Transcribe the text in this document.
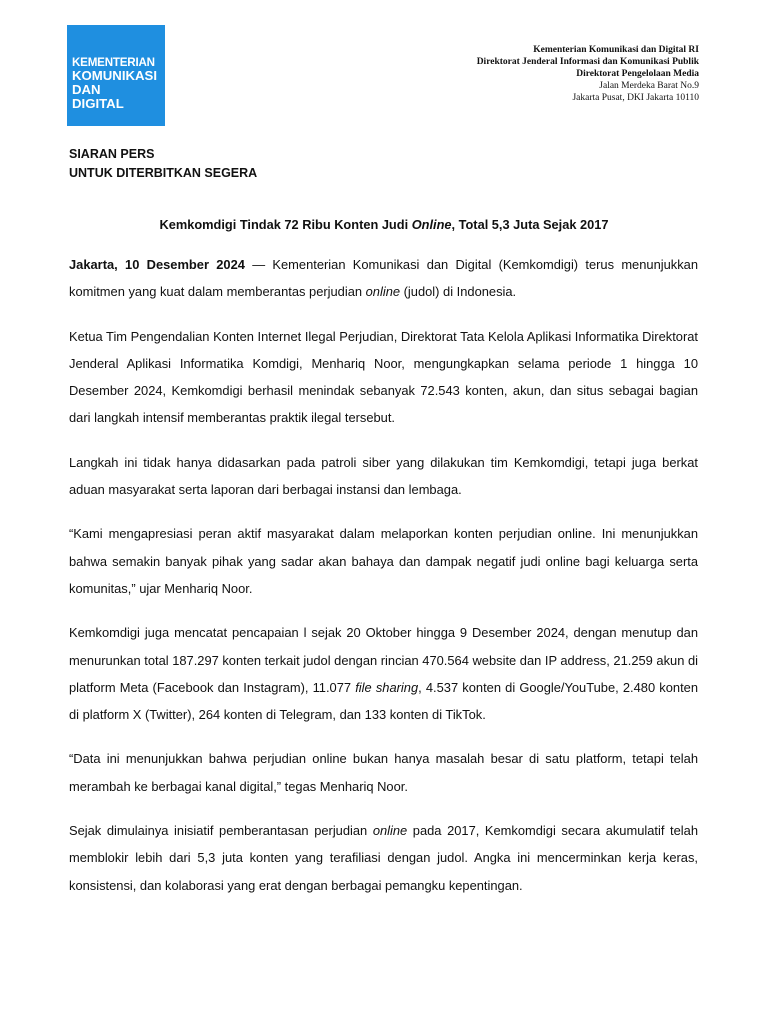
KEMENTERIAN
KOMUNIKASI
DAN
DIGITAL
Kementerian Komunikasi dan Digital RI
Direktorat Jenderal Informasi dan Komunikasi Publik
Direktorat Pengelolaan Media
Jalan Merdeka Barat No.9
Jakarta Pusat, DKI Jakarta 10110
SIARAN PERS
UNTUK DITERBITKAN SEGERA
Kemkomdigi Tindak 72 Ribu Konten Judi Online, Total 5,3 Juta Sejak 2017

Jakarta, 10 Desember 2024 — Kementerian Komunikasi dan Digital (Kemkomdigi) terus menunjukkan komitmen yang kuat dalam memberantas perjudian online (judol) di Indonesia.

Ketua Tim Pengendalian Konten Internet Ilegal Perjudian, Direktorat Tata Kelola Aplikasi Informatika Direktorat Jenderal Aplikasi Informatika Komdigi, Menhariq Noor, mengungkapkan selama periode 1 hingga 10 Desember 2024, Kemkomdigi berhasil menindak sebanyak 72.543 konten, akun, dan situs sebagai bagian dari langkah intensif memberantas praktik ilegal tersebut.

Langkah ini tidak hanya didasarkan pada patroli siber yang dilakukan tim Kemkomdigi, tetapi juga berkat aduan masyarakat serta laporan dari berbagai instansi dan lembaga.

“Kami mengapresiasi peran aktif masyarakat dalam melaporkan konten perjudian online. Ini menunjukkan bahwa semakin banyak pihak yang sadar akan bahaya dan dampak negatif judi online bagi keluarga serta komunitas,” ujar Menhariq Noor.

Kemkomdigi juga mencatat pencapaian l sejak 20 Oktober hingga 9 Desember 2024, dengan menutup dan menurunkan total 187.297 konten terkait judol dengan rincian 470.564 website dan IP address, 21.259 akun di platform Meta (Facebook dan Instagram), 11.077 file sharing, 4.537 konten di Google/YouTube, 2.480 konten di platform X (Twitter), 264 konten di Telegram, dan 133 konten di TikTok.

“Data ini menunjukkan bahwa perjudian online bukan hanya masalah besar di satu platform, tetapi telah merambah ke berbagai kanal digital,” tegas Menhariq Noor.

Sejak dimulainya inisiatif pemberantasan perjudian online pada 2017, Kemkomdigi secara akumulatif telah memblokir lebih dari 5,3 juta konten yang terafiliasi dengan judol. Angka ini mencerminkan kerja keras, konsistensi, dan kolaborasi yang erat dengan berbagai pemangku kepentingan.
